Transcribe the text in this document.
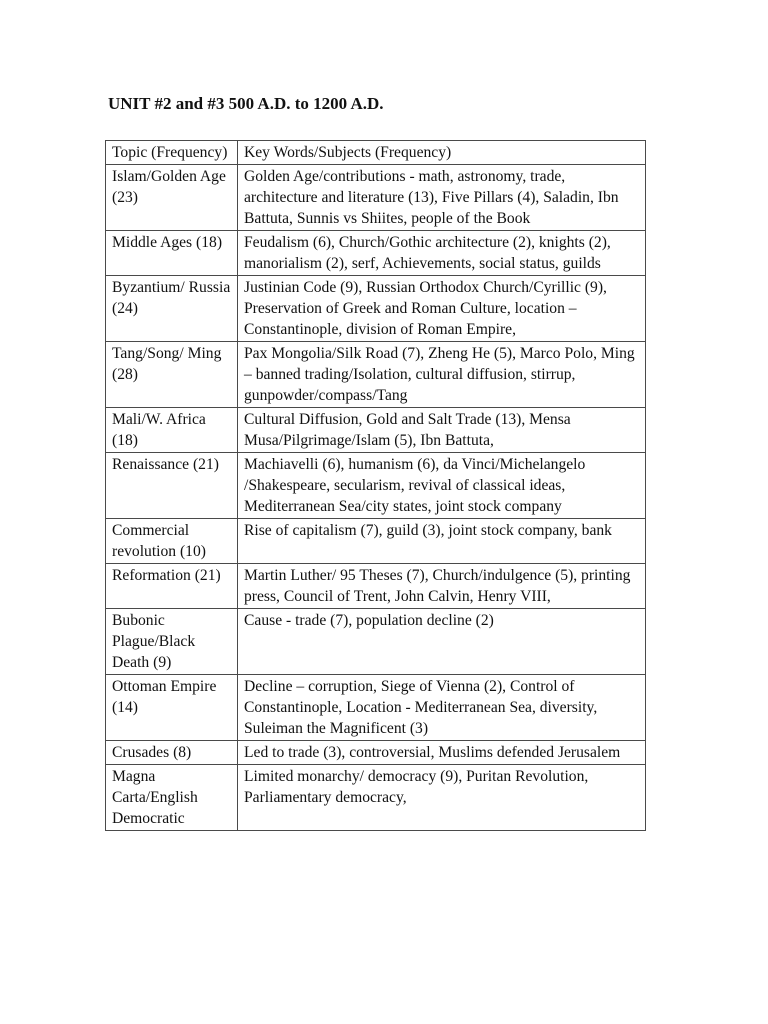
UNIT #2 and #3 500 A.D. to 1200 A.D.
Topic (Frequency)	Key Words/Subjects (Frequency)
Islam/Golden Age (23)	Golden Age/contributions - math, astronomy, trade, architecture and literature (13), Five Pillars (4), Saladin, Ibn Battuta, Sunnis vs Shiites, people of the Book
Middle Ages (18)	Feudalism (6), Church/Gothic architecture (2), knights (2), manorialism (2), serf, Achievements, social status, guilds
Byzantium/ Russia (24)	Justinian Code (9), Russian Orthodox Church/Cyrillic (9), Preservation of Greek and Roman Culture, location – Constantinople, division of Roman Empire,
Tang/Song/ Ming (28)	Pax Mongolia/Silk Road (7), Zheng He (5), Marco Polo, Ming – banned trading/Isolation, cultural diffusion, stirrup, gunpowder/compass/Tang
Mali/W. Africa (18)	Cultural Diffusion, Gold and Salt Trade (13), Mensa Musa/Pilgrimage/Islam (5), Ibn Battuta,
Renaissance (21)	Machiavelli (6), humanism (6), da Vinci/Michelangelo /Shakespeare, secularism, revival of classical ideas, Mediterranean Sea/city states, joint stock company
Commercial revolution (10)	Rise of capitalism (7), guild (3), joint stock company, bank
Reformation (21)	Martin Luther/ 95 Theses (7), Church/indulgence (5), printing press, Council of Trent, John Calvin, Henry VIII,
Bubonic Plague/Black Death (9)	Cause - trade (7), population decline (2)
Ottoman Empire (14)	Decline – corruption, Siege of Vienna (2), Control of Constantinople, Location - Mediterranean Sea, diversity, Suleiman the Magnificent (3)
Crusades (8)	Led to trade (3), controversial, Muslims defended Jerusalem
Magna Carta/English Democratic	Limited monarchy/ democracy (9), Puritan Revolution, Parliamentary democracy,
